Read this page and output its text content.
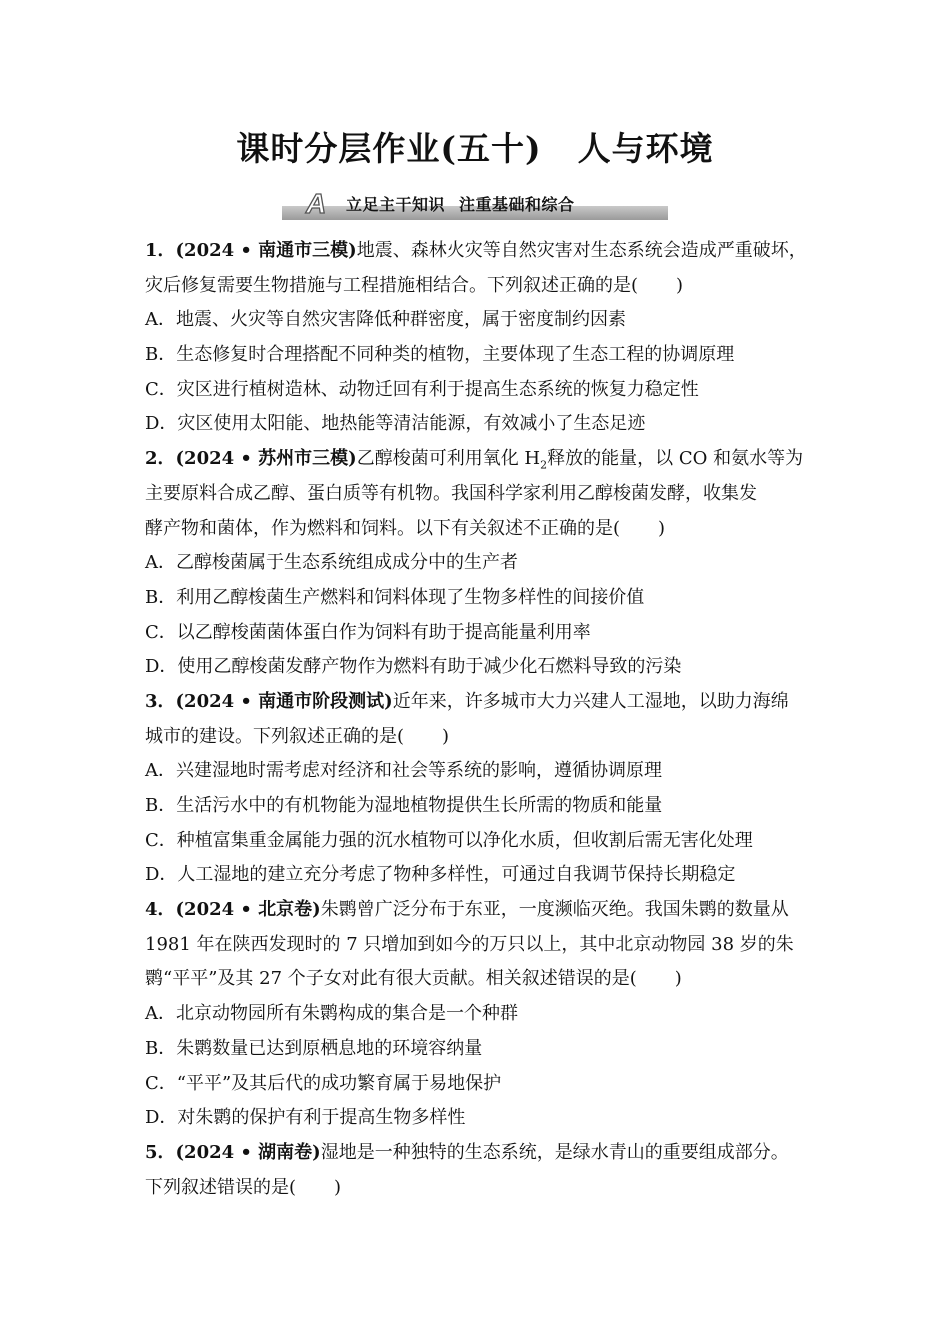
课时分层作业(五十) 人与环境
A 立足主干知识 注重基础和综合
1．(2024 • 南通市三模)地震、森林火灾等自然灾害对生态系统会造成严重破坏，
灾后修复需要生物措施与工程措施相结合。下列叙述正确的是( )
A．地震、火灾等自然灾害降低种群密度，属于密度制约因素
B．生态修复时合理搭配不同种类的植物，主要体现了生态工程的协调原理
C．灾区进行植树造林、动物迁回有利于提高生态系统的恢复力稳定性
D．灾区使用太阳能、地热能等清洁能源，有效减小了生态足迹
2．(2024 • 苏州市三模)乙醇梭菌可利用氧化 $H_2$释放的能量，以 CO 和氨水等为
主要原料合成乙醇、蛋白质等有机物。我国科学家利用乙醇梭菌发酵，收集发
酵产物和菌体，作为燃料和饲料。以下有关叙述不正确的是( )
A．乙醇梭菌属于生态系统组成成分中的生产者
B．利用乙醇梭菌生产燃料和饲料体现了生物多样性的间接价值
C．以乙醇梭菌菌体蛋白作为饲料有助于提高能量利用率
D．使用乙醇梭菌发酵产物作为燃料有助于减少化石燃料导致的污染
3．(2024 • 南通市阶段测试)近年来，许多城市大力兴建人工湿地，以助力海绵
城市的建设。下列叙述正确的是( )
A．兴建湿地时需考虑对经济和社会等系统的影响，遵循协调原理
B．生活污水中的有机物能为湿地植物提供生长所需的物质和能量
C．种植富集重金属能力强的沉水植物可以净化水质，但收割后需无害化处理
D．人工湿地的建立充分考虑了物种多样性，可通过自我调节保持长期稳定
4．(2024 • 北京卷)朱鹮曾广泛分布于东亚，一度濒临灭绝。我国朱鹮的数量从
1981 年在陕西发现时的 7 只增加到如今的万只以上，其中北京动物园 38 岁的朱
鹮“平平”及其 27 个子女对此有很大贡献。相关叙述错误的是( )
A．北京动物园所有朱鹮构成的集合是一个种群
B．朱鹮数量已达到原栖息地的环境容纳量
C．“平平”及其后代的成功繁育属于易地保护
D．对朱鹮的保护有利于提高生物多样性
5．(2024 • 湖南卷)湿地是一种独特的生态系统，是绿水青山的重要组成部分。
下列叙述错误的是( )
